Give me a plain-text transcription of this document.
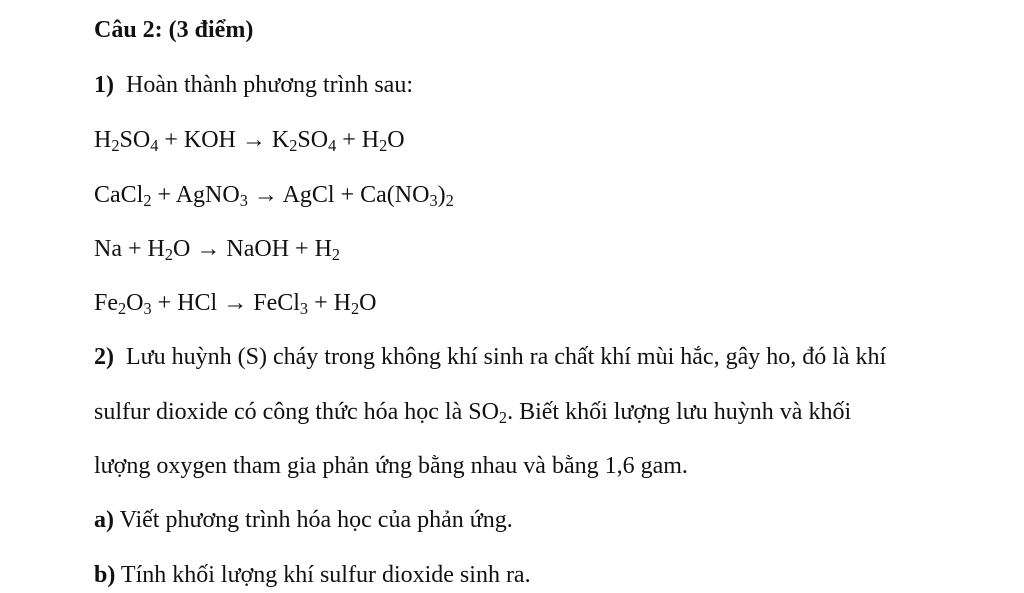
Câu 2: (3 điểm)
1) Hoàn thành phương trình sau:
$H_2SO_4$ + KOH → $K_2SO_4 + H_2O$
CaCl$_2$ + AgNO$_3$ → AgCl + $Ca(NO_3)_2$
$Na + H_2O$ → NaOH + $H_2$
$Fe_2O_3$ + HCl → FeCl$_3$ + $H_2O$
2) Lưu huỳnh (S) cháy trong không khí sinh ra chất khí mùi hắc, gây ho, đó là khí
sulfur dioxide có công thức hóa học là $SO_2$. Biết khối lượng lưu huỳnh và khối
lượng oxygen tham gia phản ứng bằng nhau và bằng 1,6 gam.
a) Viết phương trình hóa học của phản ứng.
b) Tính khối lượng khí sulfur dioxide sinh ra.
